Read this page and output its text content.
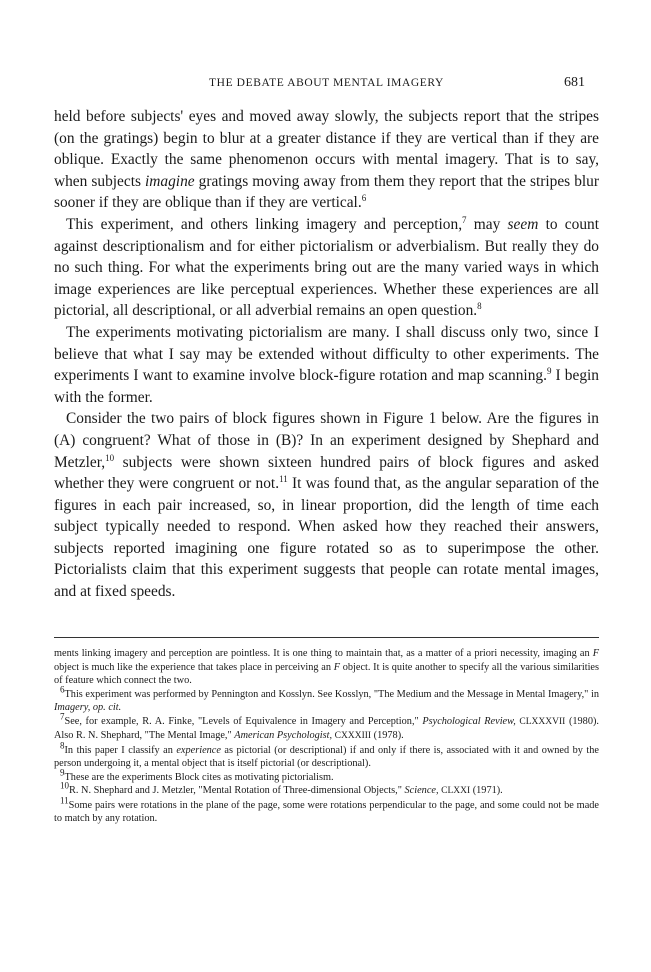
THE DEBATE ABOUT MENTAL IMAGERY	681

held before subjects' eyes and moved away slowly, the subjects report that the stripes (on the gratings) begin to blur at a greater distance if they are vertical than if they are oblique. Exactly the same phenomenon occurs with mental imagery. That is to say, when subjects imagine gratings moving away from them they report that the stripes blur sooner if they are oblique than if they are vertical.$^6$

This experiment, and others linking imagery and perception,$^7$ may seem to count against descriptionalism and for either pictorialism or adverbialism. But really they do no such thing. For what the experiments bring out are the many varied ways in which image experiences are like perceptual experiences. Whether these experiences are all pictorial, all descriptional, or all adverbial remains an open question.$^8$

The experiments motivating pictorialism are many. I shall discuss only two, since I believe that what I say may be extended without difficulty to other experiments. The experiments I want to examine involve block-figure rotation and map scanning.$^9$ I begin with the former.

Consider the two pairs of block figures shown in Figure 1 below. Are the figures in (A) congruent? What of those in (B)? In an experiment designed by Shephard and Metzler,$^{10}$ subjects were shown sixteen hundred pairs of block figures and asked whether they were congruent or not.$^{11}$ It was found that, as the angular separation of the figures in each pair increased, so, in linear proportion, did the length of time each subject typically needed to respond. When asked how they reached their answers, subjects reported imagining one figure rotated so as to superimpose the other. Pictorialists claim that this experiment suggests that people can rotate mental images, and at fixed speeds.

ments linking imagery and perception are pointless. It is one thing to maintain that, as a matter of a priori necessity, imaging an F object is much like the experience that takes place in perceiving an F object. It is quite another to specify all the various similarities of feature which connect the two.

$^6$This experiment was performed by Pennington and Kosslyn. See Kosslyn, "The Medium and the Message in Mental Imagery," in Imagery, op. cit.

$^7$See, for example, R. A. Finke, "Levels of Equivalence in Imagery and Perception," Psychological Review, CLXXXVII (1980). Also R. N. Shephard, "The Mental Image," American Psychologist, CXXXIII (1978).

$^8$In this paper I classify an experience as pictorial (or descriptional) if and only if there is, associated with it and owned by the person undergoing it, a mental object that is itself pictorial (or descriptional).

$^9$These are the experiments Block cites as motivating pictorialism.

$^{10}$R. N. Shephard and J. Metzler, "Mental Rotation of Three-dimensional Objects," Science, CLXXI (1971).

$^{11}$Some pairs were rotations in the plane of the page, some were rotations perpendicular to the page, and some could not be made to match by any rotation.
